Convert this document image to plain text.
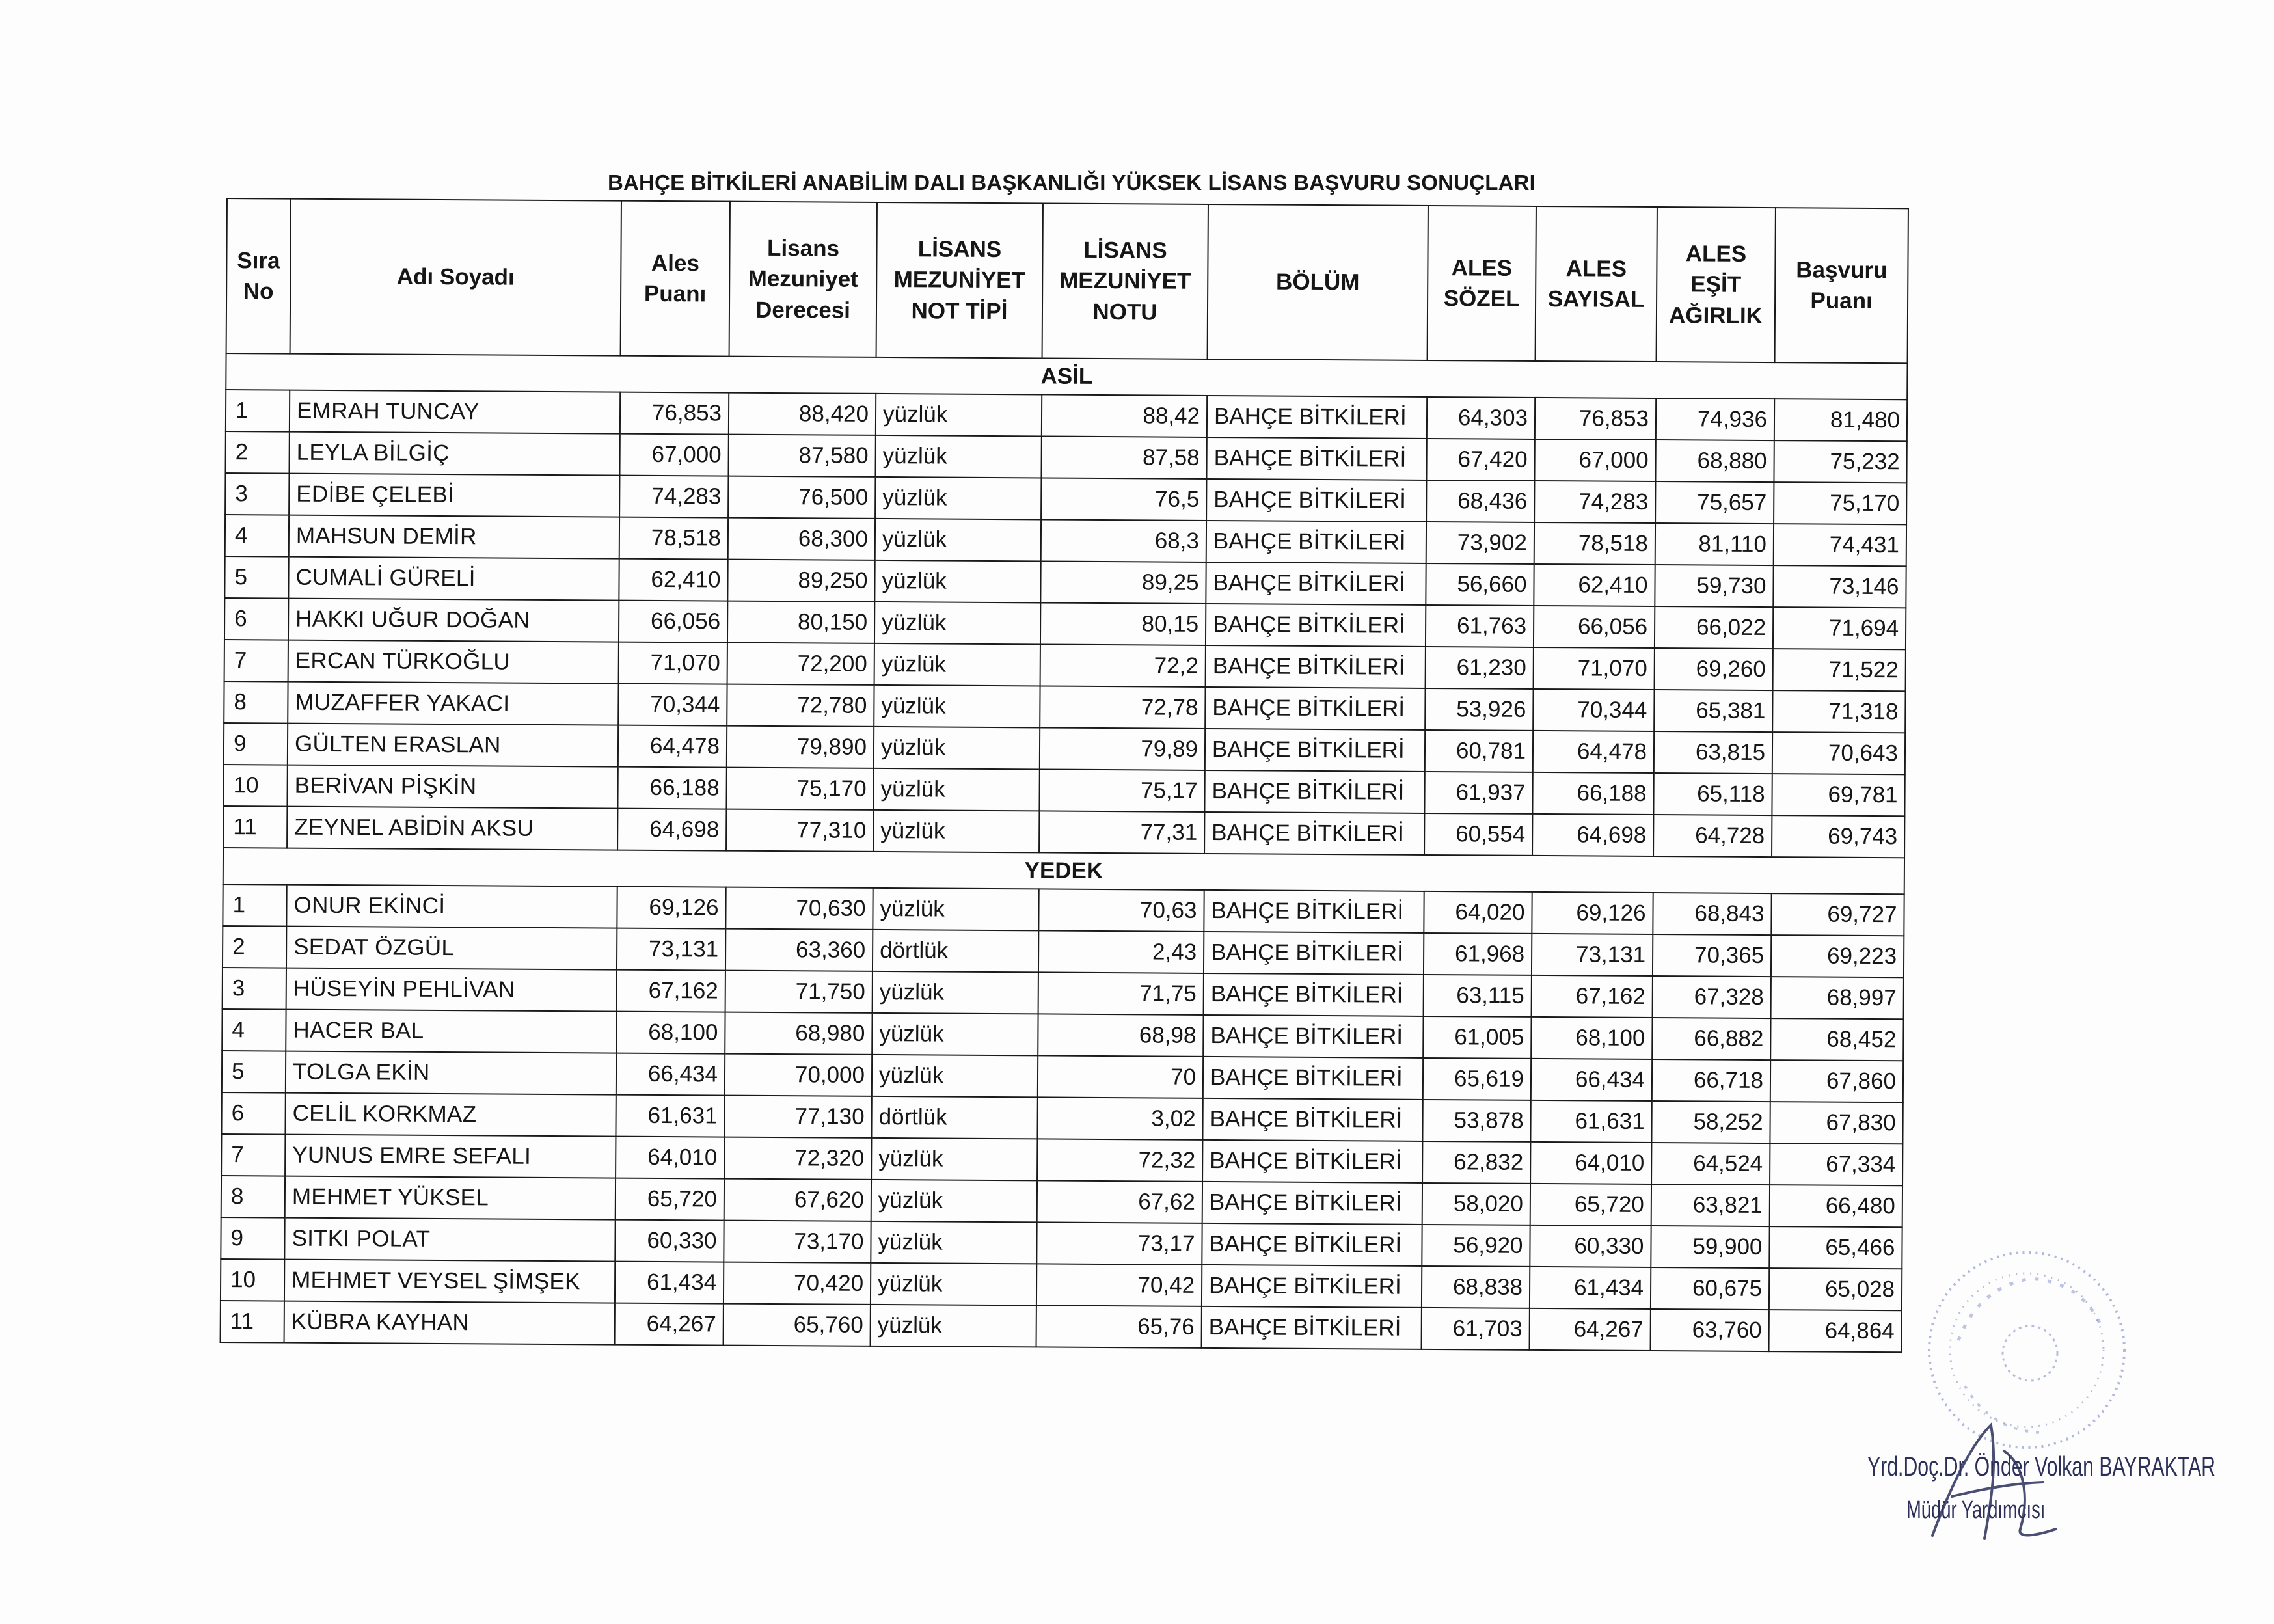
BAHÇE BİTKİLERİ ANABİLİM DALI BAŞKANLIĞI YÜKSEK LİSANS BAŞVURU SONUÇLARI
Sıra No	Adı Soyadı	Ales Puanı	Lisans Mezuniyet Derecesi	LİSANS MEZUNİYET NOT TİPİ	LİSANS MEZUNİYET NOTU	BÖLÜM	ALES SÖZEL	ALES SAYISAL	ALES EŞİT AĞIRLIK	Başvuru Puanı
ASİL										
1	EMRAH TUNCAY	76,853	88,420	yüzlük	88,42	BAHÇE BİTKİLERİ	64,303	76,853	74,936	81,480
2	LEYLA BİLGİÇ	67,000	87,580	yüzlük	87,58	BAHÇE BİTKİLERİ	67,420	67,000	68,880	75,232
3	EDİBE ÇELEBİ	74,283	76,500	yüzlük	76,5	BAHÇE BİTKİLERİ	68,436	74,283	75,657	75,170
4	MAHSUN DEMİR	78,518	68,300	yüzlük	68,3	BAHÇE BİTKİLERİ	73,902	78,518	81,110	74,431
5	CUMALİ GÜRELİ	62,410	89,250	yüzlük	89,25	BAHÇE BİTKİLERİ	56,660	62,410	59,730	73,146
6	HAKKI UĞUR DOĞAN	66,056	80,150	yüzlük	80,15	BAHÇE BİTKİLERİ	61,763	66,056	66,022	71,694
7	ERCAN TÜRKOĞLU	71,070	72,200	yüzlük	72,2	BAHÇE BİTKİLERİ	61,230	71,070	69,260	71,522
8	MUZAFFER YAKACI	70,344	72,780	yüzlük	72,78	BAHÇE BİTKİLERİ	53,926	70,344	65,381	71,318
9	GÜLTEN ERASLAN	64,478	79,890	yüzlük	79,89	BAHÇE BİTKİLERİ	60,781	64,478	63,815	70,643
10	BERİVAN PİŞKİN	66,188	75,170	yüzlük	75,17	BAHÇE BİTKİLERİ	61,937	66,188	65,118	69,781
11	ZEYNEL ABİDİN AKSU	64,698	77,310	yüzlük	77,31	BAHÇE BİTKİLERİ	60,554	64,698	64,728	69,743
YEDEK										
1	ONUR EKİNCİ	69,126	70,630	yüzlük	70,63	BAHÇE BİTKİLERİ	64,020	69,126	68,843	69,727
2	SEDAT ÖZGÜL	73,131	63,360	dörtlük	2,43	BAHÇE BİTKİLERİ	61,968	73,131	70,365	69,223
3	HÜSEYİN PEHLİVAN	67,162	71,750	yüzlük	71,75	BAHÇE BİTKİLERİ	63,115	67,162	67,328	68,997
4	HACER BAL	68,100	68,980	yüzlük	68,98	BAHÇE BİTKİLERİ	61,005	68,100	66,882	68,452
5	TOLGA EKİN	66,434	70,000	yüzlük	70	BAHÇE BİTKİLERİ	65,619	66,434	66,718	67,860
6	CELİL KORKMAZ	61,631	77,130	dörtlük	3,02	BAHÇE BİTKİLERİ	53,878	61,631	58,252	67,830
7	YUNUS EMRE SEFALI	64,010	72,320	yüzlük	72,32	BAHÇE BİTKİLERİ	62,832	64,010	64,524	67,334
8	MEHMET YÜKSEL	65,720	67,620	yüzlük	67,62	BAHÇE BİTKİLERİ	58,020	65,720	63,821	66,480
9	SITKI POLAT	60,330	73,170	yüzlük	73,17	BAHÇE BİTKİLERİ	56,920	60,330	59,900	65,466
10	MEHMET VEYSEL ŞİMŞEK	61,434	70,420	yüzlük	70,42	BAHÇE BİTKİLERİ	68,838	61,434	60,675	65,028
11	KÜBRA KAYHAN	64,267	65,760	yüzlük	65,76	BAHÇE BİTKİLERİ	61,703	64,267	63,760	64,864
Yrd.Doç.Dr. Önder Volkan BAYRAKTAR
Müdür Yardımcısı
